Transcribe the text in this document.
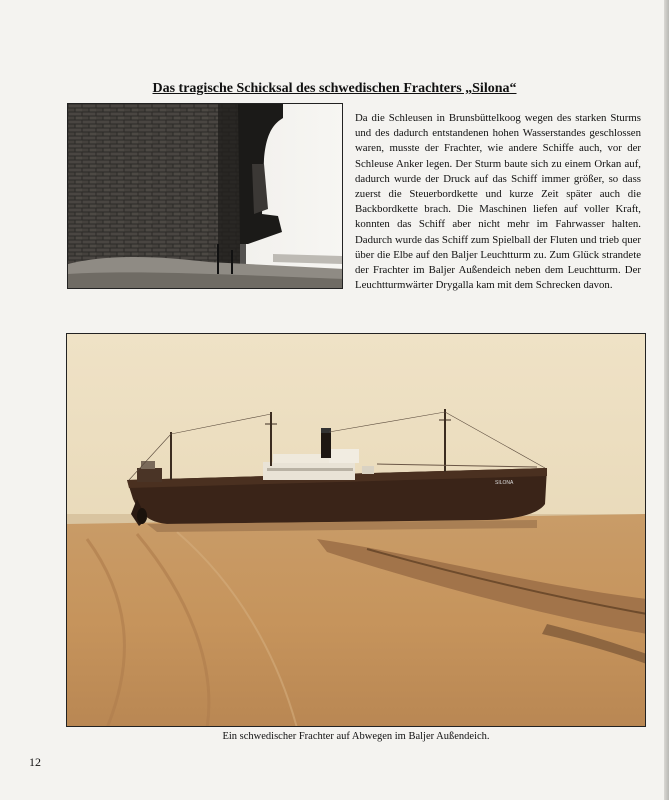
Das tragische Schicksal des schwedischen Frachters „Silona“
Da die Schleusen in Brunsbüttelkoog wegen des starken Sturms und des dadurch entstandenen hohen Wasserstandes geschlossen waren, musste der Frachter, wie andere Schiffe auch, vor der Schleuse Anker legen. Der Sturm baute sich zu einem Orkan auf, dadurch wurde der Druck auf das Schiff immer größer, so dass zuerst die Steuerbordkette und kurze Zeit später auch die Backbordkette brach. Die Maschinen liefen auf voller Kraft, konnten das Schiff aber nicht mehr im Fahrwasser halten. Dadurch wurde das Schiff zum Spielball der Fluten und trieb quer über die Elbe auf den Baljer Leuchtturm zu. Zum Glück strandete der Frachter im Baljer Außendeich neben dem Leuchtturm. Der Leuchtturmwärter Drygalla kam mit dem Schrecken davon.
SILONA
Ein schwedischer Frachter auf Abwegen im Baljer Außendeich.
12
